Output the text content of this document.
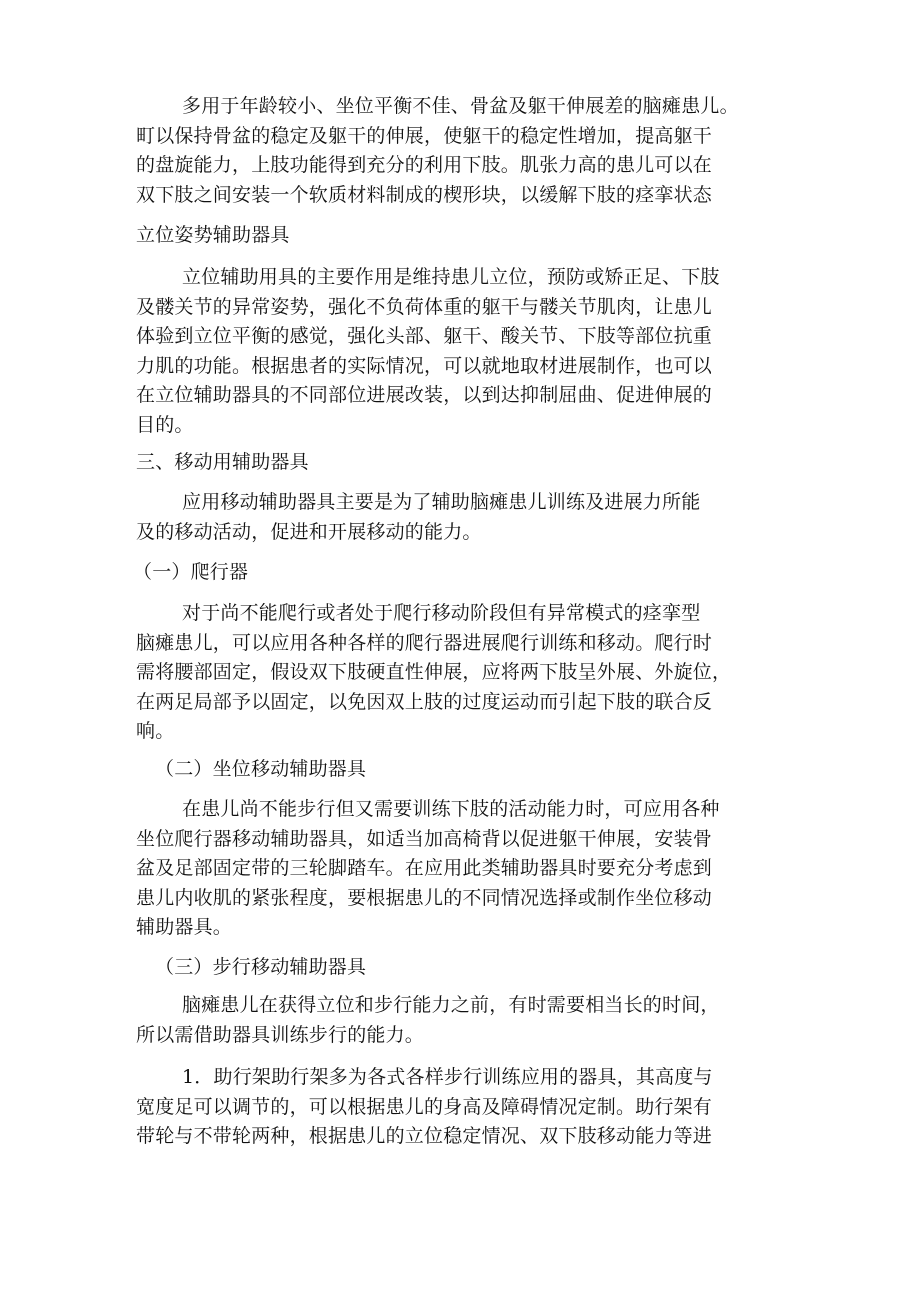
多用于年龄较小、坐位平衡不佳、骨盆及躯干伸展差的脑瘫患儿。
町以保持骨盆的稳定及躯干的伸展，使躯干的稳定性增加，提高躯干
的盘旋能力，上肢功能得到充分的利用下肢。肌张力高的患儿可以在
双下肢之间安装一个软质材料制成的楔形块，以缓解下肢的痉挛状态

立位姿势辅助器具

立位辅助用具的主要作用是维持患儿立位，预防或矫正足、下肢
及髅关节的异常姿势，强化不负荷体重的躯干与髅关节肌肉，让患儿
体验到立位平衡的感觉，强化头部、躯干、酸关节、下肢等部位抗重
力肌的功能。根据患者的实际情况，可以就地取材进展制作，也可以
在立位辅助器具的不同部位进展改装，以到达抑制屈曲、促进伸展的
目的。

三、移动用辅助器具

应用移动辅助器具主要是为了辅助脑瘫患儿训练及进展力所能
及的移动活动，促进和开展移动的能力。

（一）爬行器

对于尚不能爬行或者处于爬行移动阶段但有异常模式的痉挛型
脑瘫患儿，可以应用各种各样的爬行器进展爬行训练和移动。爬行时
需将腰部固定，假设双下肢硬直性伸展，应将两下肢呈外展、外旋位，
在两足局部予以固定，以免因双上肢的过度运动而引起下肢的联合反
响。

（二）坐位移动辅助器具

在患儿尚不能步行但又需要训练下肢的活动能力时，可应用各种
坐位爬行器移动辅助器具，如适当加高椅背以促进躯干伸展，安装骨
盆及足部固定带的三轮脚踏车。在应用此类辅助器具时要充分考虑到
患儿内收肌的紧张程度，要根据患儿的不同情况选择或制作坐位移动
辅助器具。

（三）步行移动辅助器具

脑瘫患儿在获得立位和步行能力之前，有时需要相当长的时间，
所以需借助器具训练步行的能力。

1．助行架助行架多为各式各样步行训练应用的器具，其高度与
宽度足可以调节的，可以根据患儿的身高及障碍情况定制。助行架有
带轮与不带轮两种，根据患儿的立位稳定情况、双下肢移动能力等进
